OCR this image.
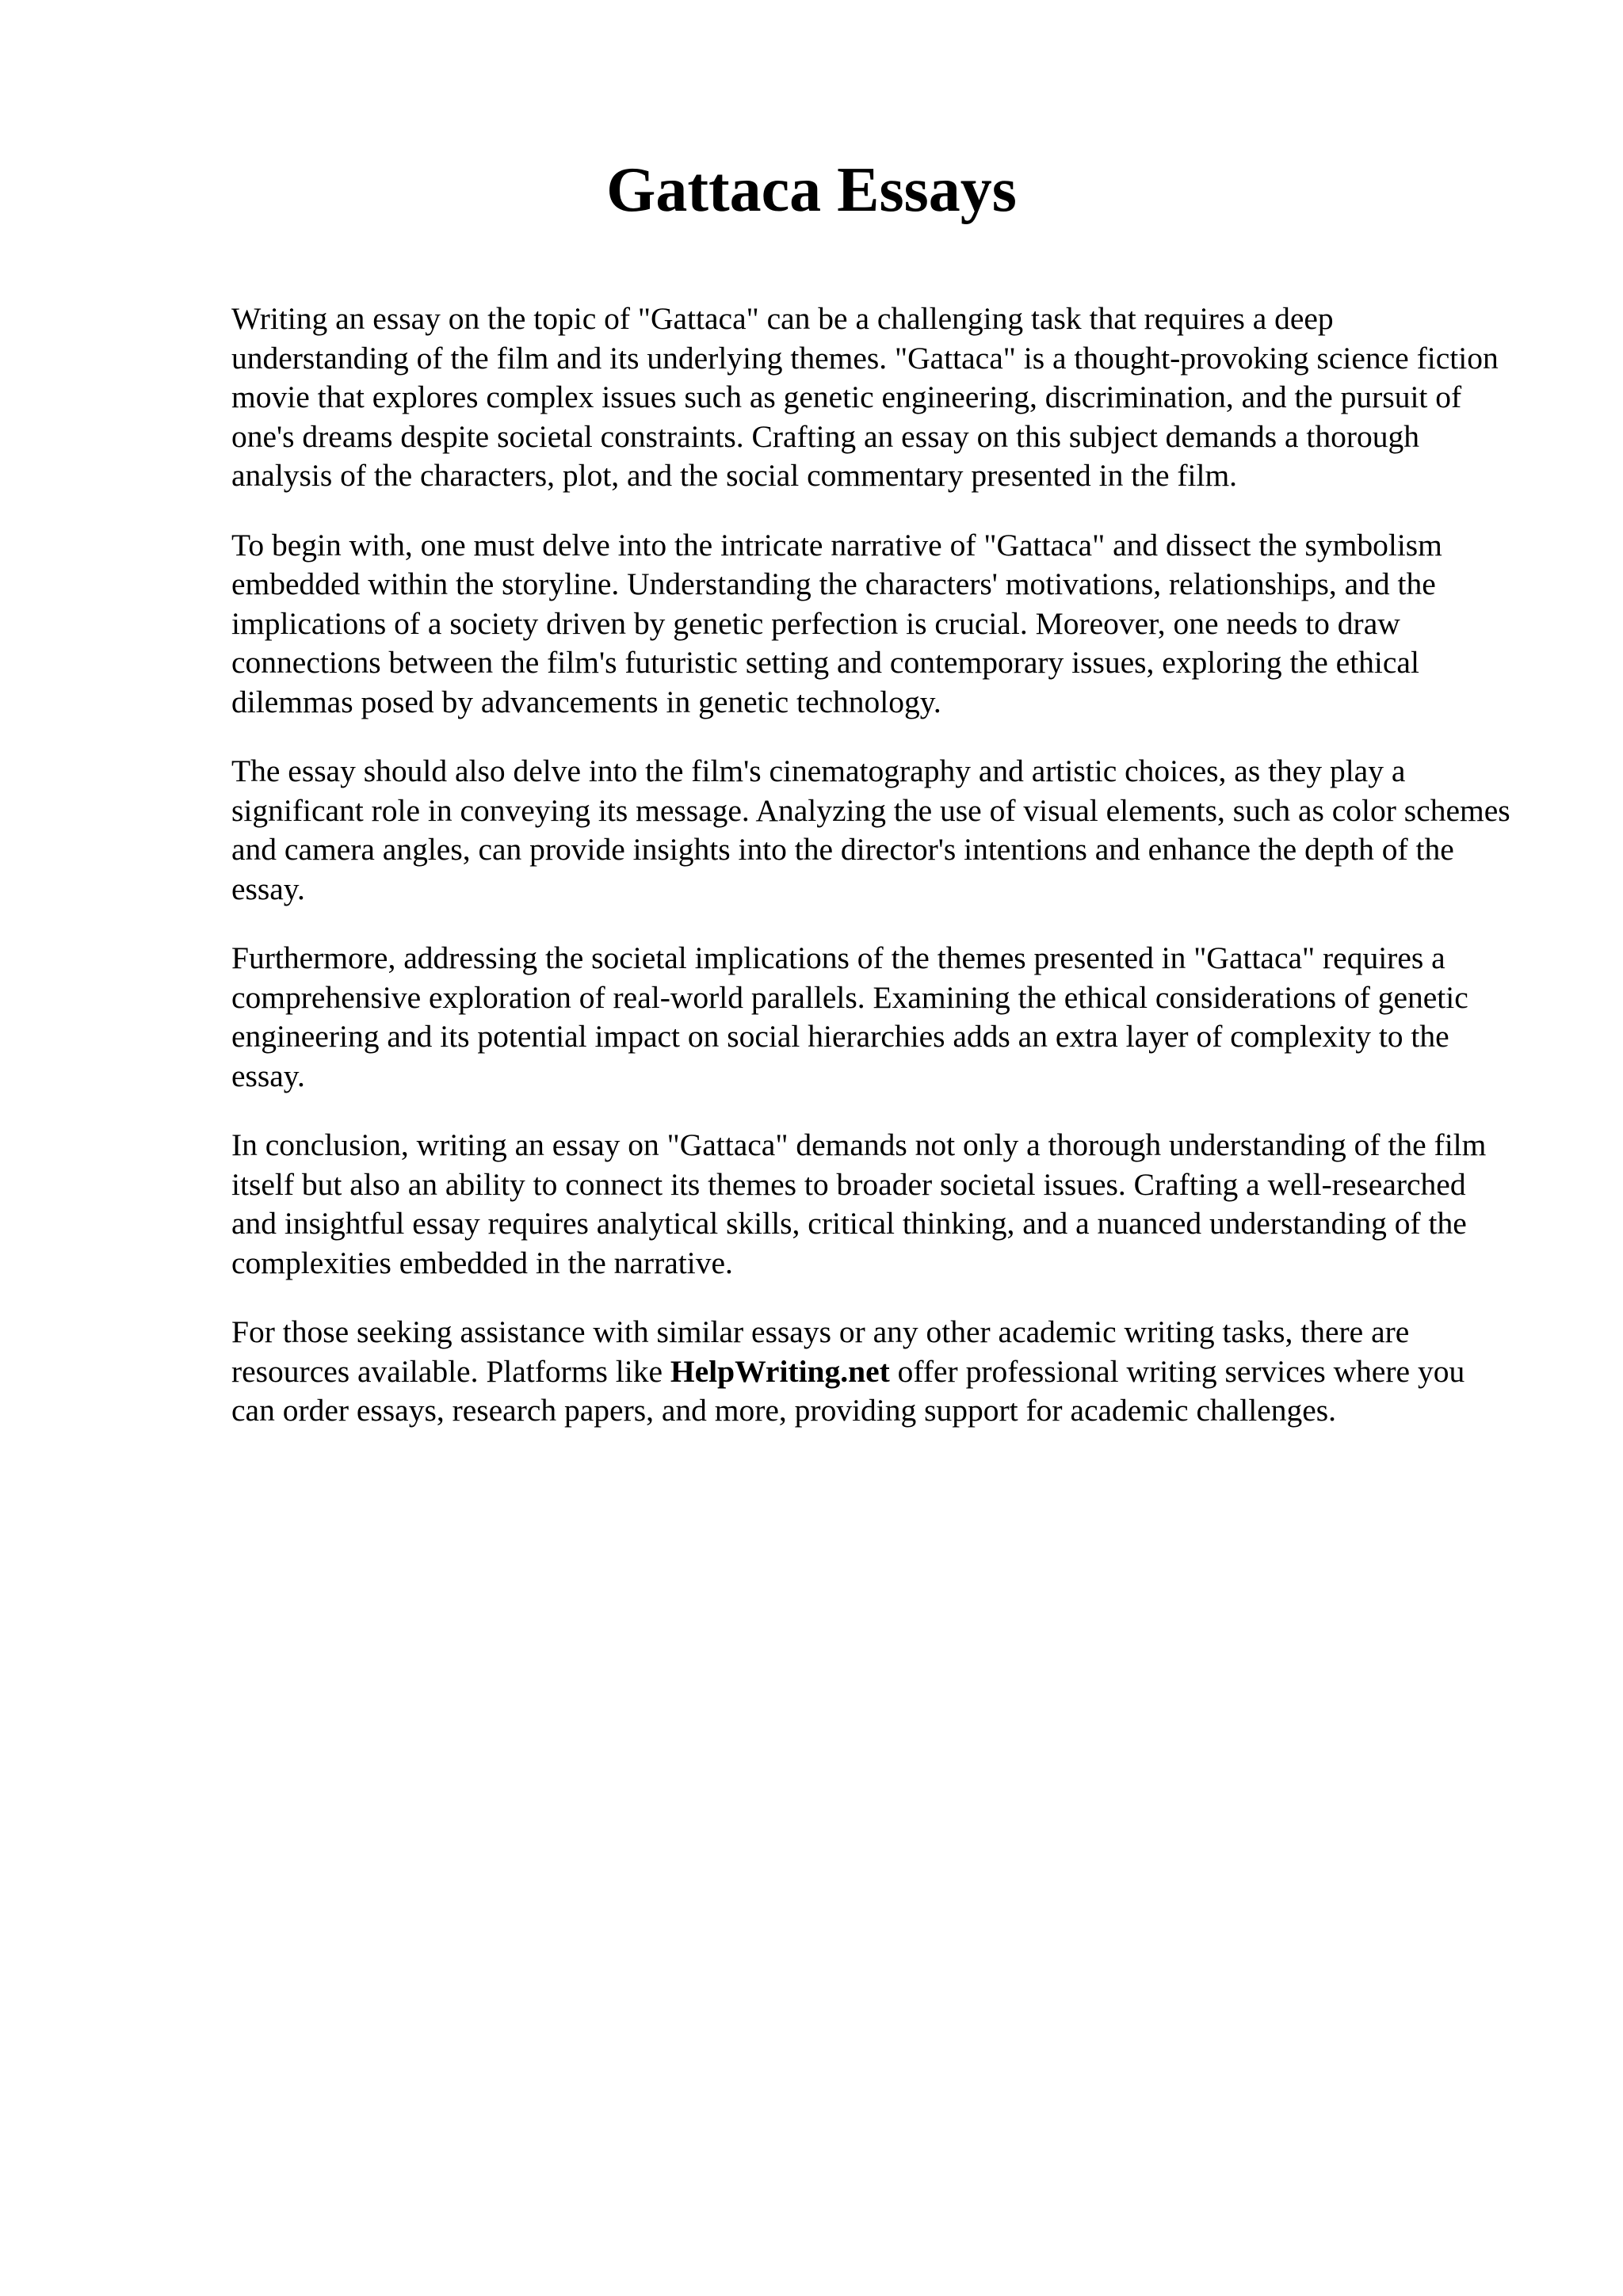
Gattaca Essays

Writing an essay on the topic of "Gattaca" can be a challenging task that requires a deep understanding of the film and its underlying themes. "Gattaca" is a thought-provoking science fiction movie that explores complex issues such as genetic engineering, discrimination, and the pursuit of one's dreams despite societal constraints. Crafting an essay on this subject demands a thorough analysis of the characters, plot, and the social commentary presented in the film.

To begin with, one must delve into the intricate narrative of "Gattaca" and dissect the symbolism embedded within the storyline. Understanding the characters' motivations, relationships, and the implications of a society driven by genetic perfection is crucial. Moreover, one needs to draw connections between the film's futuristic setting and contemporary issues, exploring the ethical dilemmas posed by advancements in genetic technology.

The essay should also delve into the film's cinematography and artistic choices, as they play a significant role in conveying its message. Analyzing the use of visual elements, such as color schemes and camera angles, can provide insights into the director's intentions and enhance the depth of the essay.

Furthermore, addressing the societal implications of the themes presented in "Gattaca" requires a comprehensive exploration of real-world parallels. Examining the ethical considerations of genetic engineering and its potential impact on social hierarchies adds an extra layer of complexity to the essay.

In conclusion, writing an essay on "Gattaca" demands not only a thorough understanding of the film itself but also an ability to connect its themes to broader societal issues. Crafting a well-researched and insightful essay requires analytical skills, critical thinking, and a nuanced understanding of the complexities embedded in the narrative.

For those seeking assistance with similar essays or any other academic writing tasks, there are resources available. Platforms like HelpWriting.net offer professional writing services where you can order essays, research papers, and more, providing support for academic challenges.
